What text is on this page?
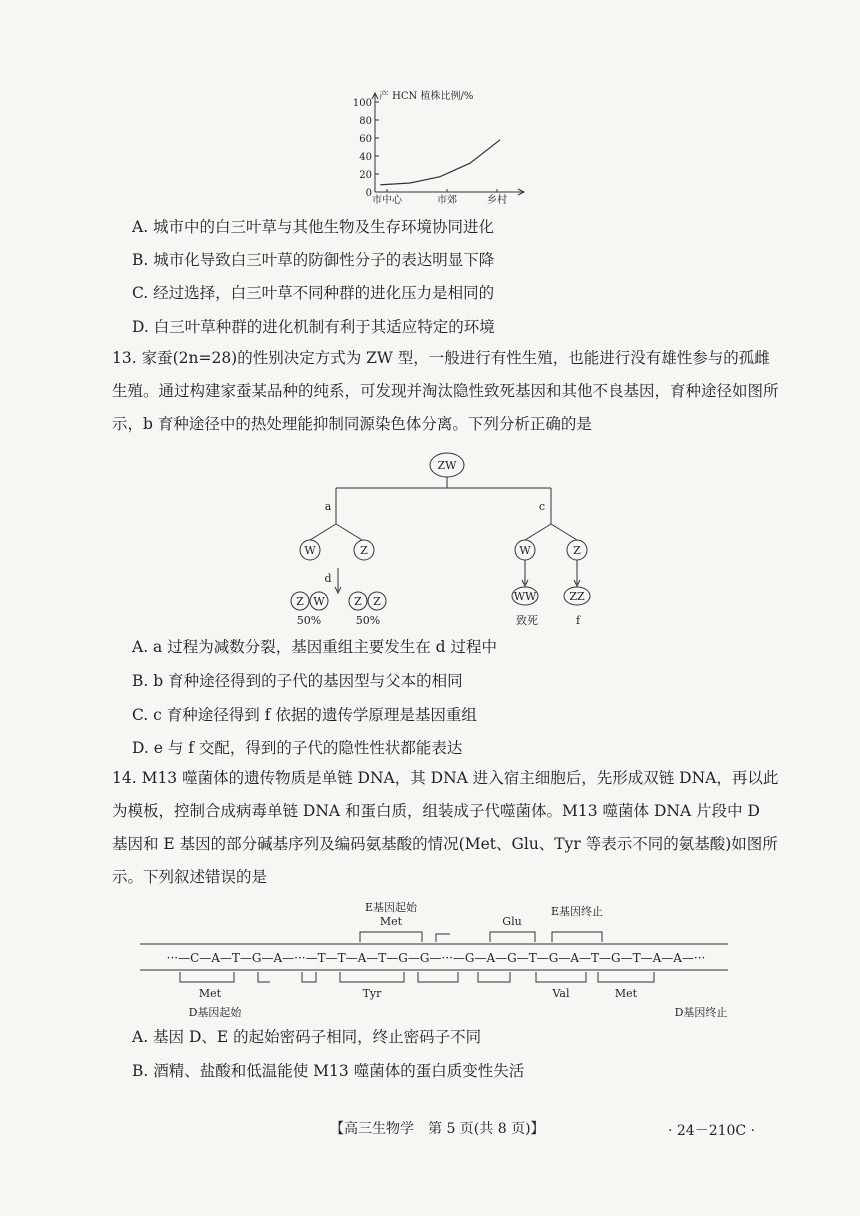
0
20
40
60
80
100
产 HCN 植株比例/%
市中心	市郊	乡村
A. 城市中的白三叶草与其他生物及生存环境协同进化
B. 城市化导致白三叶草的防御性分子的表达明显下降
C. 经过选择，白三叶草不同种群的进化压力是相同的
D. 白三叶草种群的进化机制有利于其适应特定的环境
13. 家蚕(2n=28)的性别决定方式为 ZW 型，一般进行有性生殖，也能进行没有雄性参与的孤雌生殖。通过构建家蚕某品种的纯系，可发现并淘汰隐性致死基因和其他不良基因，育种途径如图所示，b 育种途径中的热处理能抑制同源染色体分离。下列分析正确的是
ZW
a	c
d
W	Z
Z W	Z Z
W	Z
WW	ZZ
50%	50%	致死	f
A. a 过程为减数分裂，基因重组主要发生在 d 过程中
B. b 育种途径得到的子代的基因型与父本的相同
C. c 育种途径得到 f 依据的遗传学原理是基因重组
D. e 与 f 交配，得到的子代的隐性性状都能表达
14. M13 噬菌体的遗传物质是单链 DNA，其 DNA 进入宿主细胞后，先形成双链 DNA，再以此为模板，控制合成病毒单链 DNA 和蛋白质，组装成子代噬菌体。M13 噬菌体 DNA 片段中 D 基因和 E 基因的部分碱基序列及编码氨基酸的情况(Met、Glu、Tyr 等表示不同的氨基酸)如图所示。下列叙述错误的是
E基因起始
Met	Glu
E基因终止
···—C—A—T—G—A—···—T—T—A—T—G—G—···—G—A—G—T—G—A—T—G—T—A—A—···
Met	Tyr	Val	Met
D基因起始	D基因终止
A. 基因 D、E 的起始密码子相同，终止密码子不同
B. 酒精、盐酸和低温能使 M13 噬菌体的蛋白质变性失活
【高三生物学　第 5 页(共 8 页)】	· 24－210C ·
